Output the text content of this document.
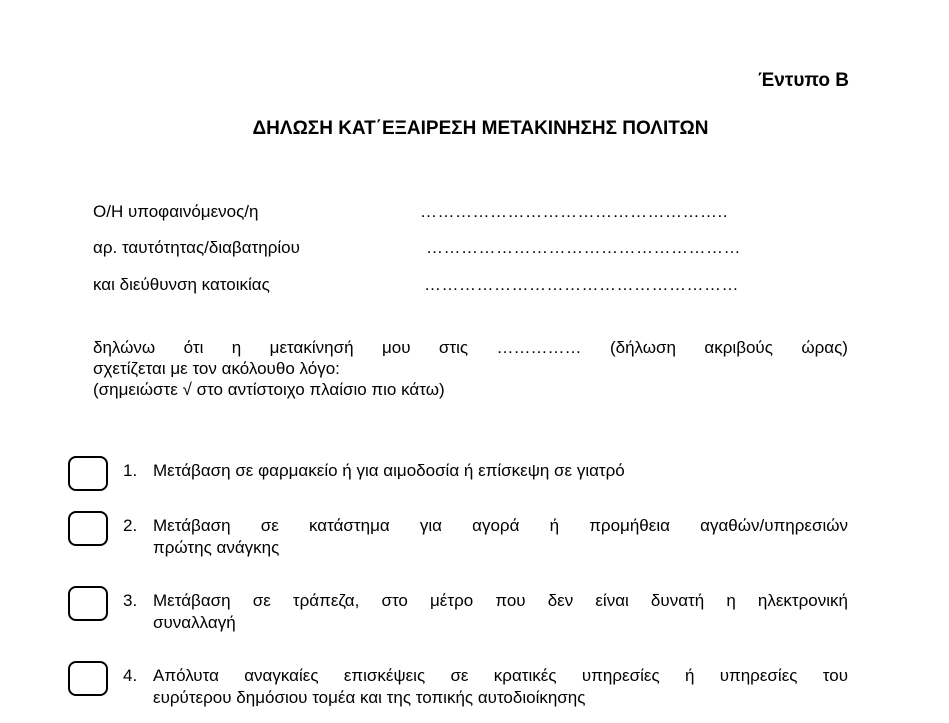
Έντυπο Β
ΔΗΛΩΣΗ ΚΑΤ΄ΕΞΑΙΡΕΣΗ ΜΕΤΑΚΙΝΗΣΗΣ ΠΟΛΙΤΩΝ
Ο/Η υποφαινόμενος/η	……………………………………………..
αρ. ταυτότητας/διαβατηρίου	………………………………………………
και διεύθυνση κατοικίας	………………………………………………
δηλώνω ότι η μετακίνησή μου στις …………… (δήλωση ακριβούς ώρας)
σχετίζεται με τον ακόλουθο λόγο:
(σημειώστε √ στο αντίστοιχο πλαίσιο πιο κάτω)
1. Μετάβαση σε φαρμακείο ή για αιμοδοσία ή επίσκεψη σε γιατρό
2. Μετάβαση σε κατάστημα για αγορά ή προμήθεια αγαθών/υπηρεσιών
πρώτης ανάγκης
3. Μετάβαση σε τράπεζα, στο μέτρο που δεν είναι δυνατή η ηλεκτρονική
συναλλαγή
4. Απόλυτα αναγκαίες επισκέψεις σε κρατικές υπηρεσίες ή υπηρεσίες του
ευρύτερου δημόσιου τομέα και της τοπικής αυτοδιοίκησης
